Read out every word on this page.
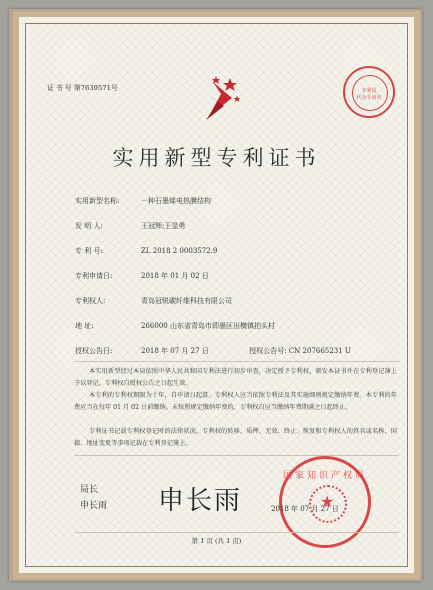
证 书 号 第7639571号	专利局
代办专用章
实用新型专利证书
实用新型名称:	一种石墨烯电热膜结构
发 明 人:	王冠辉;王显勇
专 利 号:	ZL 2018 2 0003572.9
专利申请日:	2018 年 01 月 02 日
专利权人:	青岛冠锐碳纤维科技有限公司
地 址:	266000 山东省青岛市即墨区田横镇拍头村
授权公告日:	2018 年 07 月 27 日	授权公告号: CN 207665231 U
本实用新型经过本局依照中华人民共和国专利法进行初步审查，决定授予专利权，颁发本证书并在专利登记簿上予以登记。专利权自授权公告之日起生效。
本专利的专利权期限为十年，自申请日起算。专利权人应当依照专利法及其实施细则规定缴纳年费。本专利的年费应当在每年 01 月 02 日前缴纳。未按照规定缴纳年费的，专利权自应当缴纳年费期满之日起终止。
专利证书记载专利权登记时的法律状况。专利权的转移、质押、无效、终止、恢复和专利权人的姓名或名称、国籍、地址变更等事项记载在专利登记簿上。
局长
申长雨 申长雨
国家知识产权局
★
2018 年 07 月 27 日
第 1 页 (共 1 页)
